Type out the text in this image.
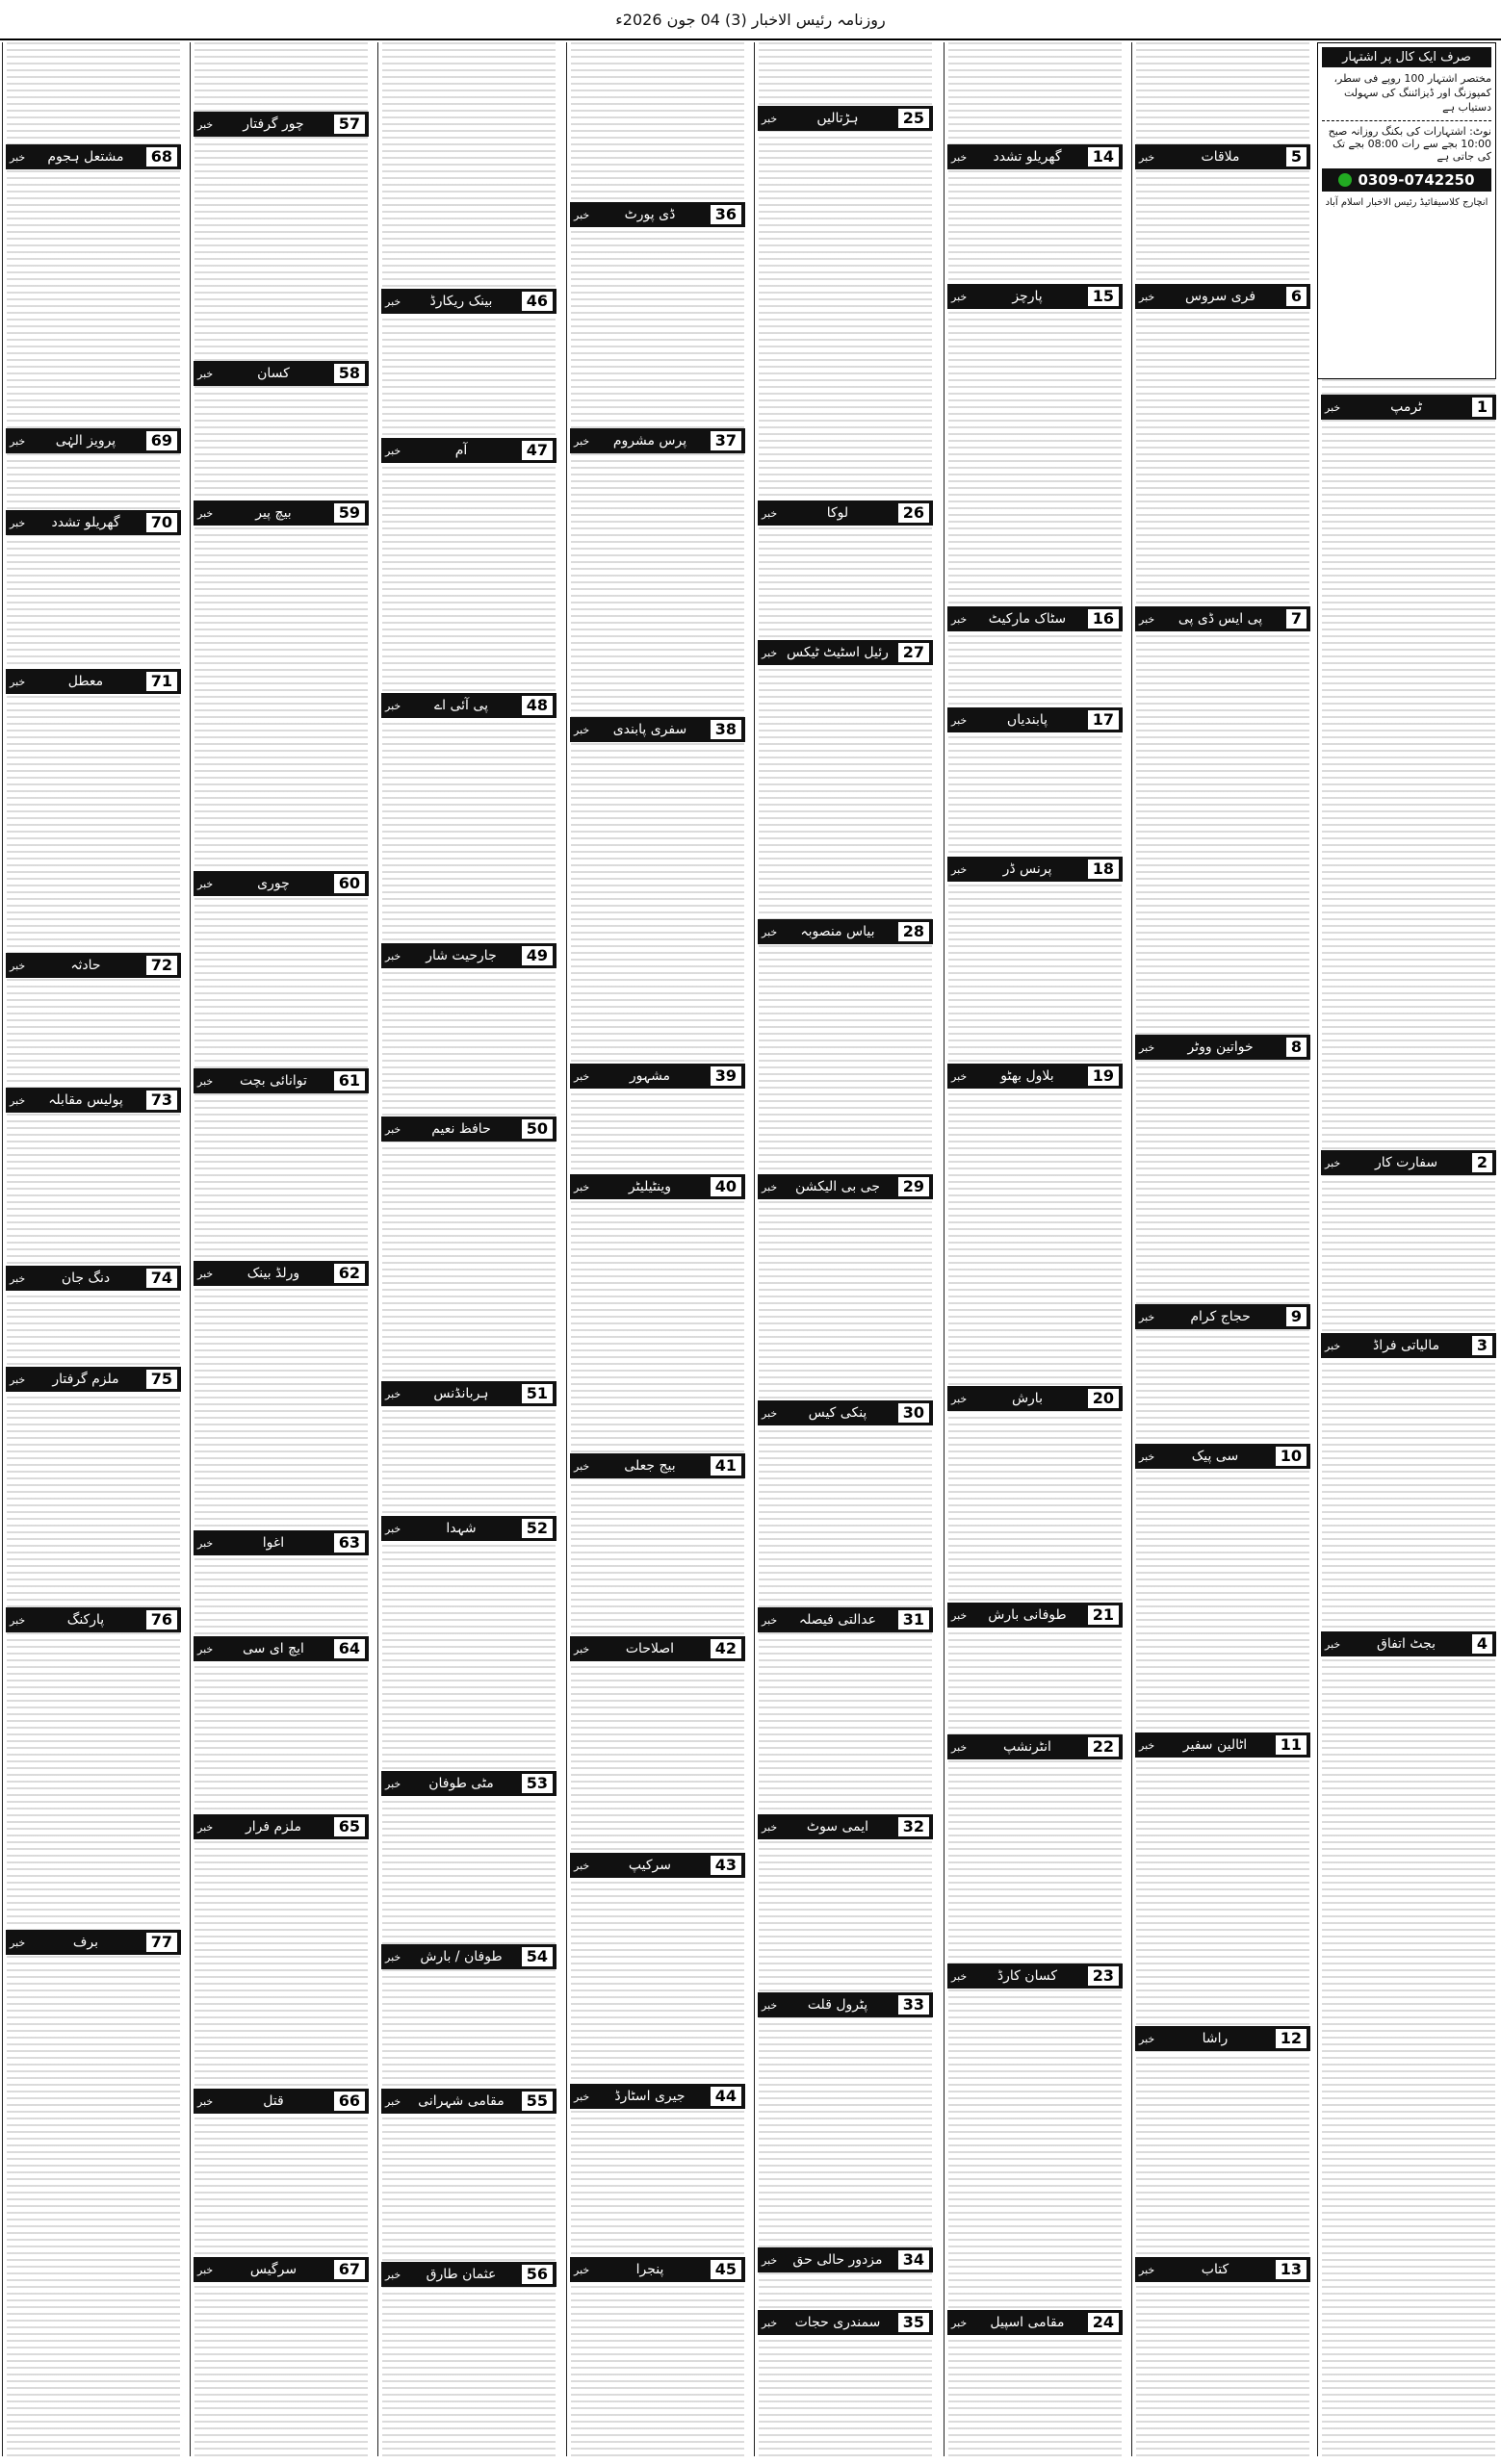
روزنامہ رئیس الاخبار (3) 04 جون 2026ء
خبر	ٹرمپ	1
خبر	سفارت کار	2
خبر	مالیاتی فراڈ	3
خبر	بجٹ اتفاق	4
خبر	ملاقات	5
خبر	فری سروس	6
خبر	پی ایس ڈی پی	7
خبر	خواتین ووٹر	8
خبر	حجاج کرام	9
خبر	سی پیک	10
خبر	اٹالین سفیر	11
خبر	راشا	12
خبر	کتاب	13
خبر	گھریلو تشدد	14
خبر	پارچز	15
خبر	سٹاک مارکیٹ	16
خبر	پابندیاں	17
خبر	پرنس ڈر	18
خبر	بلاول بھٹو	19
خبر	بارش	20
خبر	طوفانی بارش	21
خبر	انٹرنشپ	22
خبر	کسان کارڈ	23
خبر	مقامی اسپیل	24
خبر	ہڑتالیں	25
خبر	لوکا	26
خبر رئیل اسٹیٹ ٹیکس 27
خبر	بیاس منصوبہ	28
خبر	جی بی الیکشن	29
خبر	پنکی کیس	30
خبر	عدالتی فیصلہ	31
خبر	ایمی سوٹ	32
خبر	پٹرول قلت	33
خبر	مزدور حالی حق	34
خبر	سمندری حجات	35
خبر	ڈی پورٹ	36
خبر	پرس مشروم	37
خبر	سفری پابندی	38
خبر	مشہور	39
خبر	وینٹیلیٹر	40
خبر	بیج جعلی	41
خبر	اصلاحات	42
خبر	سرکیپ	43
خبر	جیری اسٹارڈ	44
خبر	پنجرا	45
خبر	بینک ریکارڈ	46
خبر	آم	47
خبر	پی آئی اے	48
خبر	جارحیت شار	49
خبر	حافظ نعیم	50
خبر	ہربانڈنس	51
خبر	شہدا	52
خبر	مٹی طوفان	53
خبر	طوفان / بارش	54
خبر	مقامی شہرانی	55
خبر	عثمان طارق	56
خبر	چور گرفتار	57
خبر	کسان	58
خبر	بیچ پیر	59
خبر	چوری	60
خبر	توانائی بچت	61
خبر	ورلڈ بینک	62
خبر	اغوا	63
خبر	ایچ ای سی	64
خبر	ملزم فرار	65
خبر	قتل	66
خبر	سرگیس	67
خبر	مشتعل ہجوم	68
خبر	پرویز الہٰی	69
خبر	گھریلو تشدد	70
خبر	معطل	71
خبر	حادثہ	72
خبر	پولیس مقابلہ	73
خبر	دنگ جان	74
خبر	ملزم گرفتار	75
خبر	پارکنگ	76
خبر	برف	77
صرف ایک کال پر اشتہار
مختصر اشتہار 100 روپے فی سطر، کمپوزنگ اور ڈیزائننگ کی سہولت دستیاب ہے
نوٹ: اشتہارات کی بکنگ روزانہ صبح 10:00 بجے سے رات 08:00 بجے تک کی جاتی ہے
0309-0742250
انچارج کلاسیفائیڈ رئیس الاخبار اسلام آباد
